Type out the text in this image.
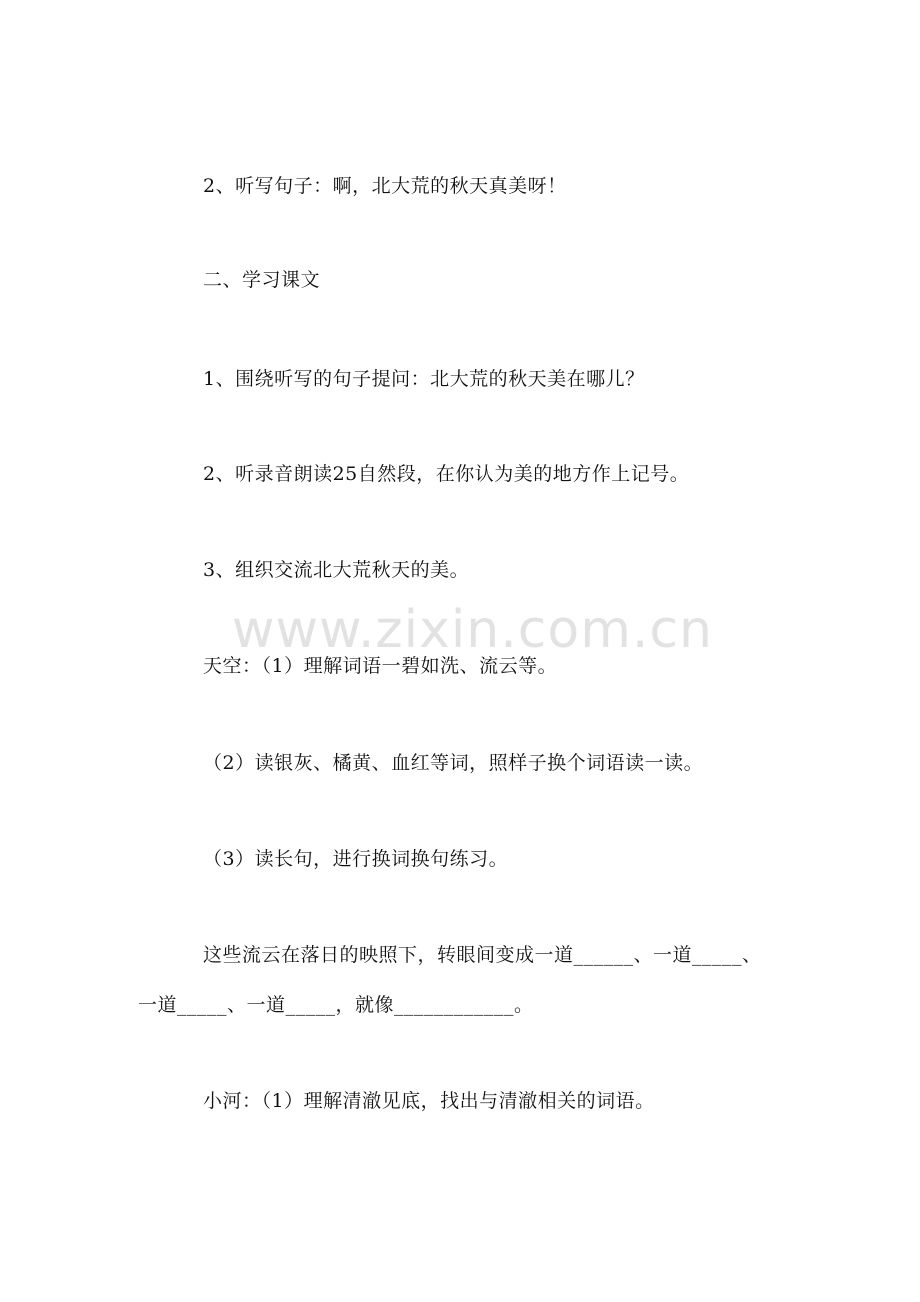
www.zixin.com.cn
2、听写句子：啊，北大荒的秋天真美呀！
二、学习课文
1、围绕听写的句子提问：北大荒的秋天美在哪儿？
2、听录音朗读25自然段，在你认为美的地方作上记号。
3、组织交流北大荒秋天的美。
天空：（1）理解词语一碧如洗、流云等。
（2）读银灰、橘黄、血红等词，照样子换个词语读一读。
（3）读长句，进行换词换句练习。
这些流云在落日的映照下，转眼间变成一道______、一道_____、
一道_____、一道_____，就像____________。
小河：（1）理解清澈见底，找出与清澈相关的词语。
